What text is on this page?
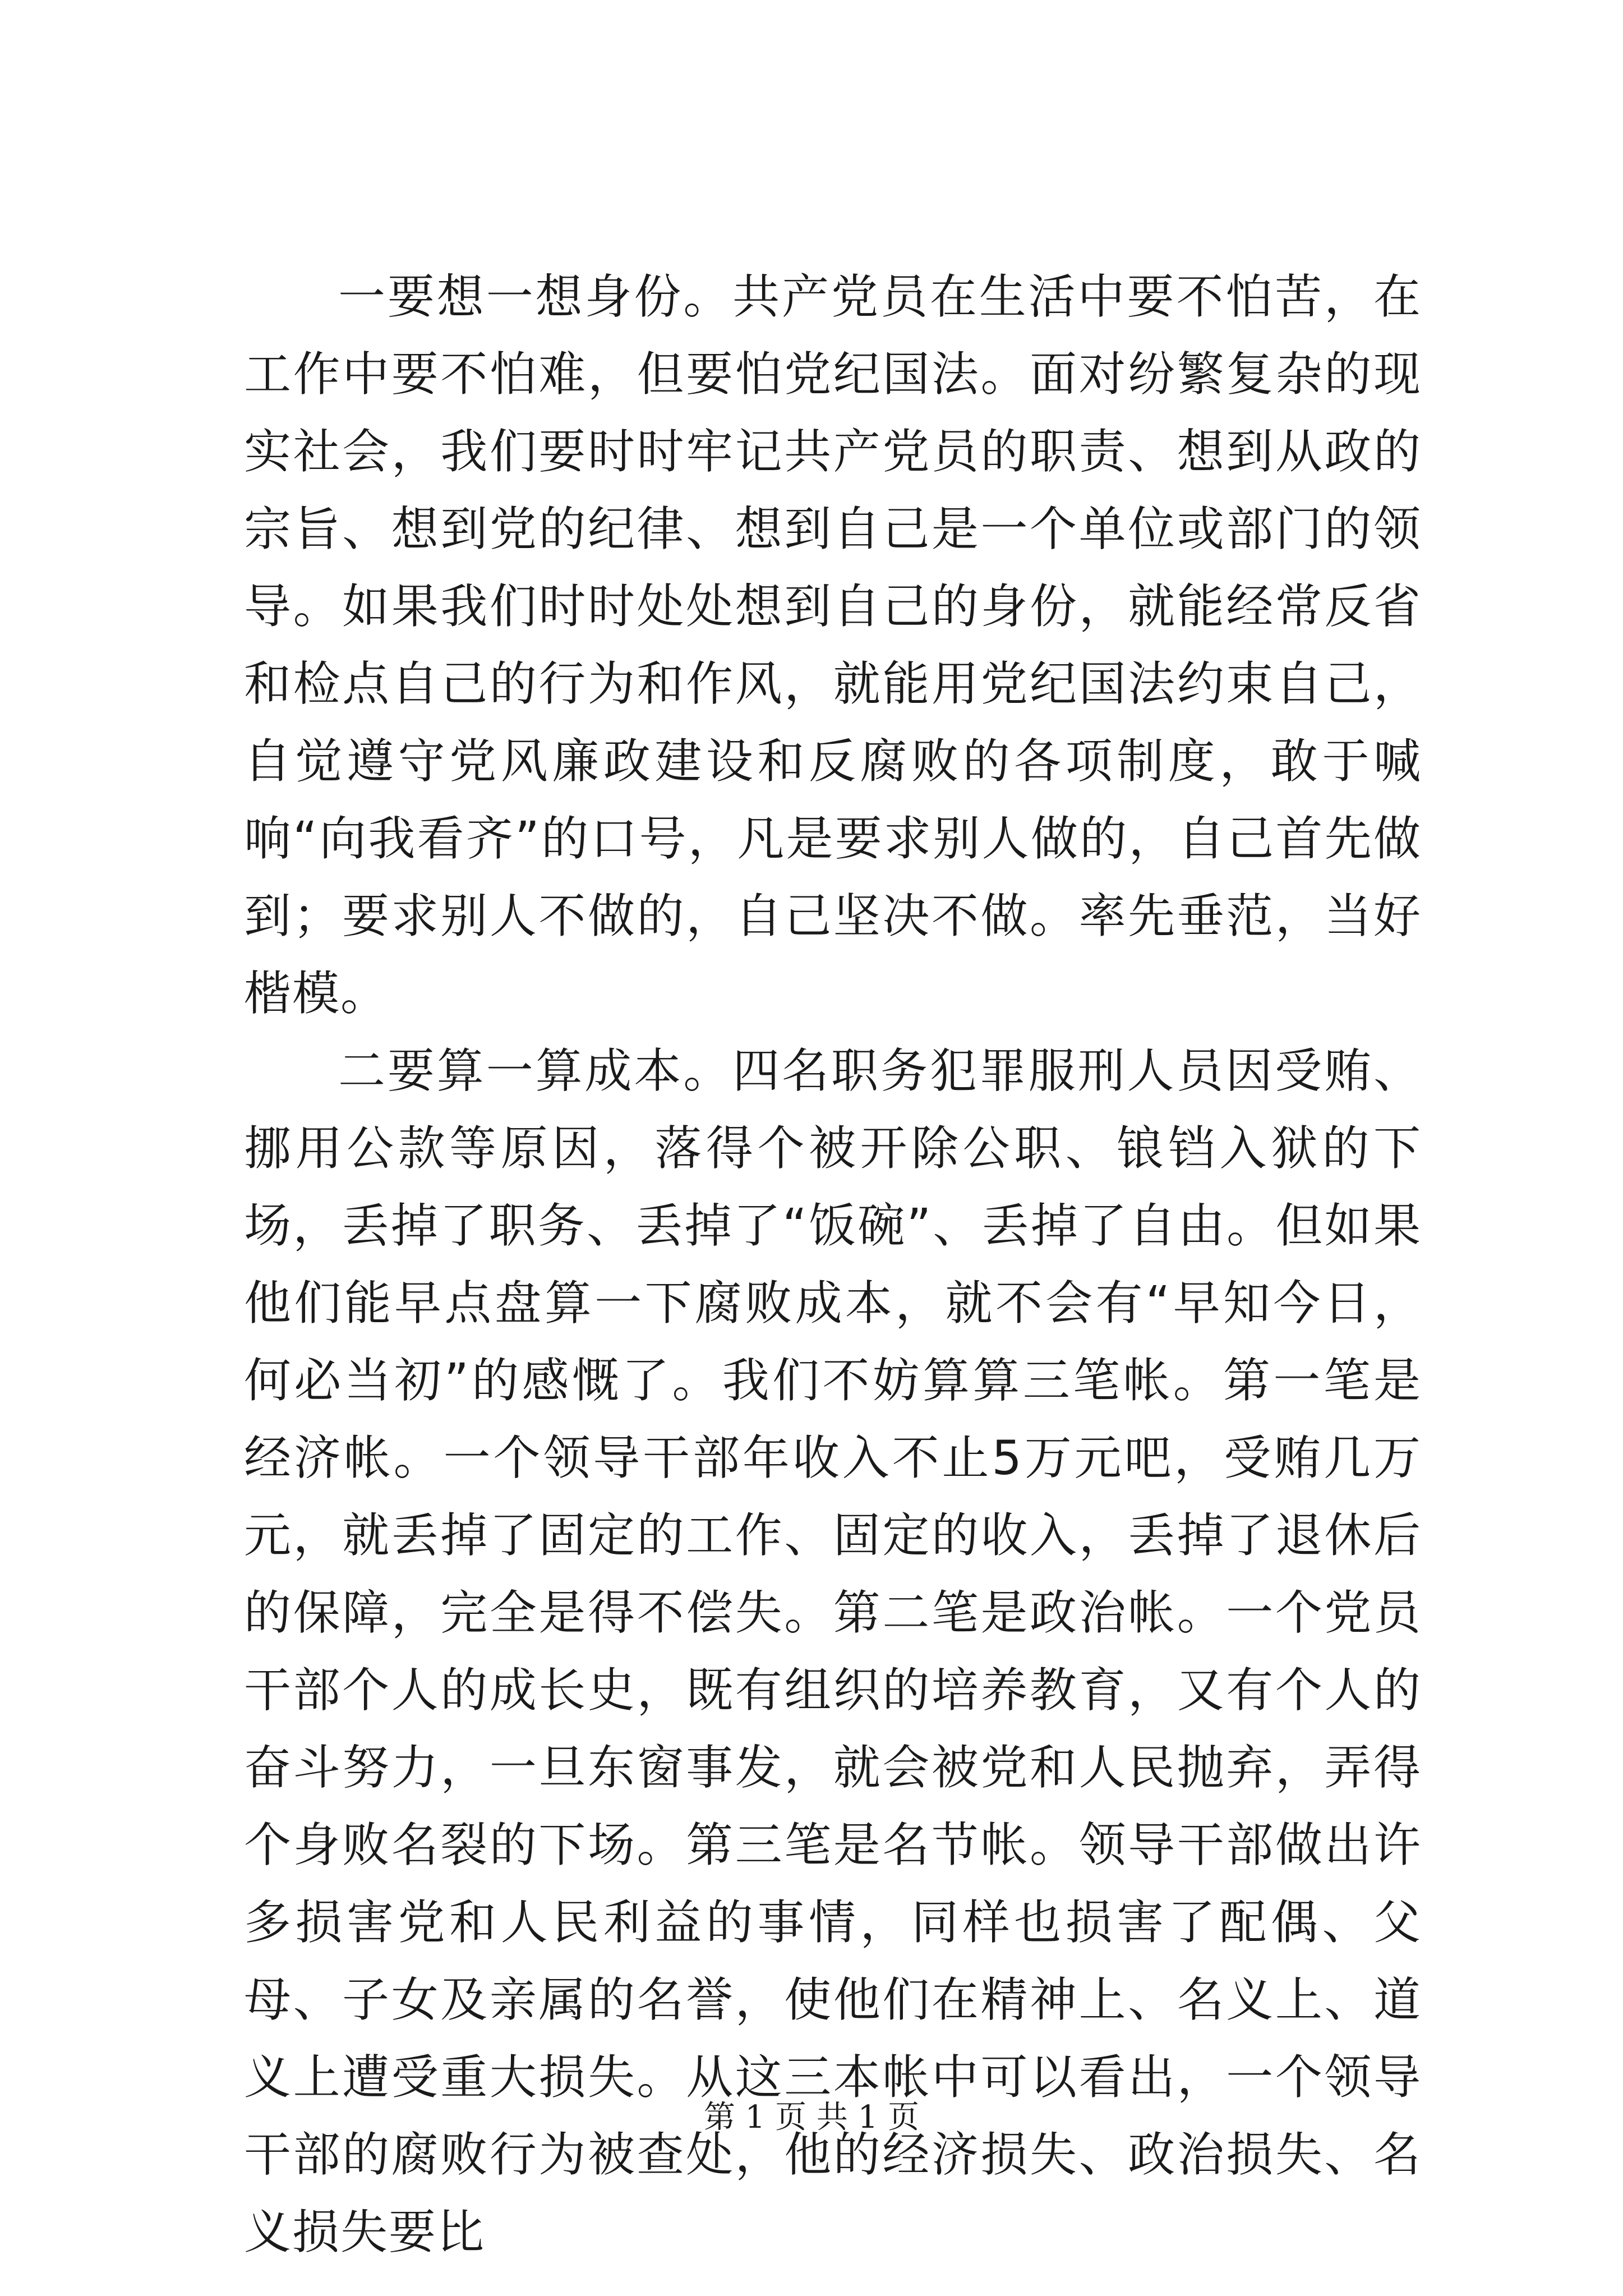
一要想一想身份。共产党员在生活中要不怕苦，在工作中要不怕难，但要怕党纪国法。面对纷繁复杂的现实社会，我们要时时牢记共产党员的职责、想到从政的宗旨、想到党的纪律、想到自己是一个单位或部门的领导。如果我们时时处处想到自己的身份，就能经常反省和检点自己的行为和作风，就能用党纪国法约束自己，自觉遵守党风廉政建设和反腐败的各项制度，敢于喊响“向我看齐”的口号，凡是要求别人做的，自己首先做到；要求别人不做的，自己坚决不做。率先垂范，当好楷模。

二要算一算成本。四名职务犯罪服刑人员因受贿、挪用公款等原因，落得个被开除公职、锒铛入狱的下场，丢掉了职务、丢掉了“饭碗”、丢掉了自由。但如果他们能早点盘算一下腐败成本，就不会有“早知今日，何必当初”的感慨了。我们不妨算算三笔帐。第一笔是经济帐。一个领导干部年收入不止5万元吧，受贿几万元，就丢掉了固定的工作、固定的收入，丢掉了退休后的保障，完全是得不偿失。第二笔是政治帐。一个党员干部个人的成长史，既有组织的培养教育，又有个人的奋斗努力，一旦东窗事发，就会被党和人民抛弃，弄得个身败名裂的下场。第三笔是名节帐。领导干部做出许多损害党和人民利益的事情，同样也损害了配偶、父母、子女及亲属的名誉，使他们在精神上、名义上、道义上遭受重大损失。从这三本帐中可以看出，一个领导干部的腐败行为被查处，他的经济损失、政治损失、名义损失要比

第 1 页 共 1 页
